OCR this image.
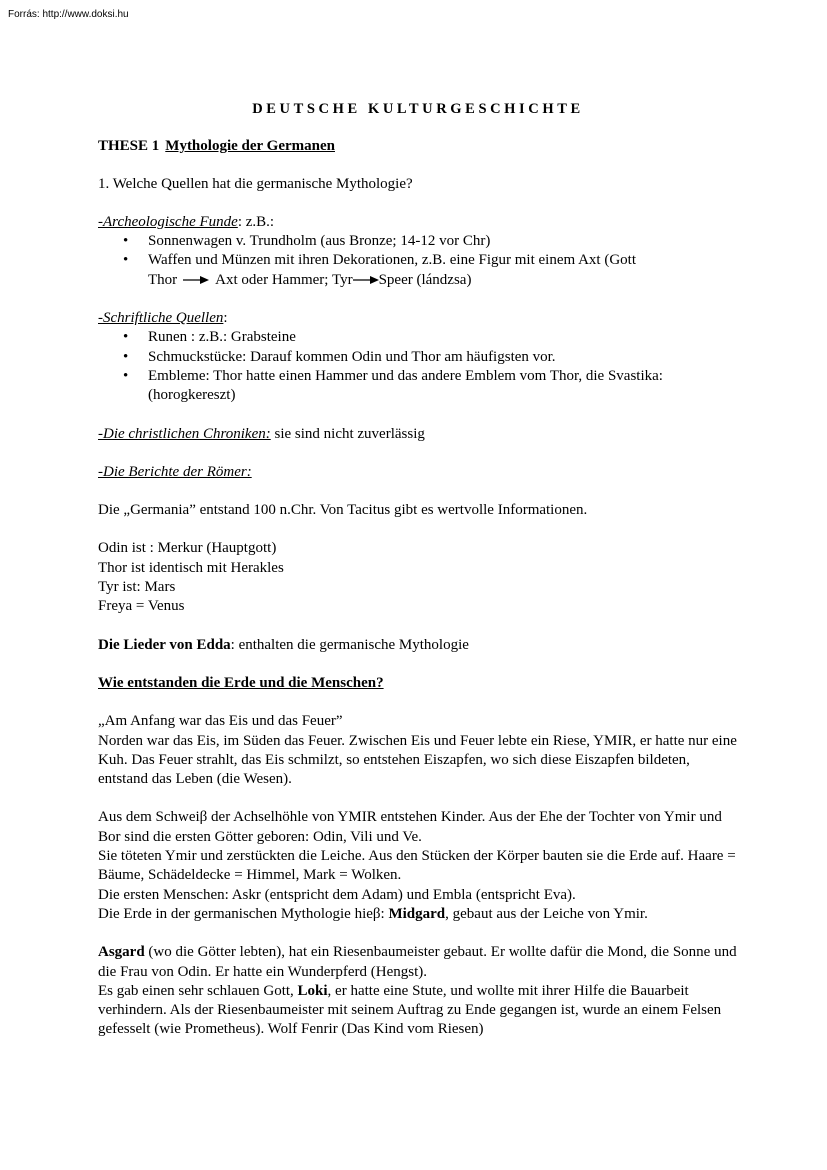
Forrás: http://www.doksi.hu
DEUTSCHE KULTURGESCHICHTE
THESE 1 Mythologie der Germanen

1. Welche Quellen hat die germanische Mythologie?

-Archeologische Funde: z.B.:
• Sonnenwagen v. Trundholm (aus Bronze; 14-12 vor Chr)
• Waffen und Münzen mit ihren Dekorationen, z.B. eine Figur mit einem Axt (Gott
Thor	Axt oder Hammer; Tyr Speer (lándzsa)
-Schriftliche Quellen:
• Runen : z.B.: Grabsteine
• Schmuckstücke: Darauf kommen Odin und Thor am häufigsten vor.
• Embleme: Thor hatte einen Hammer und das andere Emblem vom Thor, die Svastika: (horogkereszt)

-Die christlichen Chroniken: sie sind nicht zuverlässig

-Die Berichte der Römer:

Die „Germania” entstand 100 n.Chr. Von Tacitus gibt es wertvolle Informationen.

Odin ist : Merkur (Hauptgott)
Thor ist identisch mit Herakles
Tyr ist: Mars
Freya = Venus

Die Lieder von Edda: enthalten die germanische Mythologie

Wie entstanden die Erde und die Menschen?

„Am Anfang war das Eis und das Feuer”
Norden war das Eis, im Süden das Feuer. Zwischen Eis und Feuer lebte ein Riese, YMIR, er hatte nur eine Kuh. Das Feuer strahlt, das Eis schmilzt, so entstehen Eiszapfen, wo sich diese Eiszapfen bildeten, entstand das Leben (die Wesen).

Aus dem Schweiβ der Achselhöhle von YMIR entstehen Kinder. Aus der Ehe der Tochter von Ymir und Bor sind die ersten Götter geboren: Odin, Vili und Ve.
Sie töteten Ymir und zerstückten die Leiche. Aus den Stücken der Körper bauten sie die Erde auf. Haare = Bäume, Schädeldecke = Himmel, Mark = Wolken.
Die ersten Menschen: Askr (entspricht dem Adam) und Embla (entspricht Eva).
Die Erde in der germanischen Mythologie hieβ: Midgard, gebaut aus der Leiche von Ymir.

Asgard (wo die Götter lebten), hat ein Riesenbaumeister gebaut. Er wollte dafür die Mond, die Sonne und die Frau von Odin. Er hatte ein Wunderpferd (Hengst).
Es gab einen sehr schlauen Gott, Loki, er hatte eine Stute, und wollte mit ihrer Hilfe die Bauarbeit verhindern. Als der Riesenbaumeister mit seinem Auftrag zu Ende gegangen ist, wurde an einem Felsen gefesselt (wie Prometheus). Wolf Fenrir (Das Kind vom Riesen)
